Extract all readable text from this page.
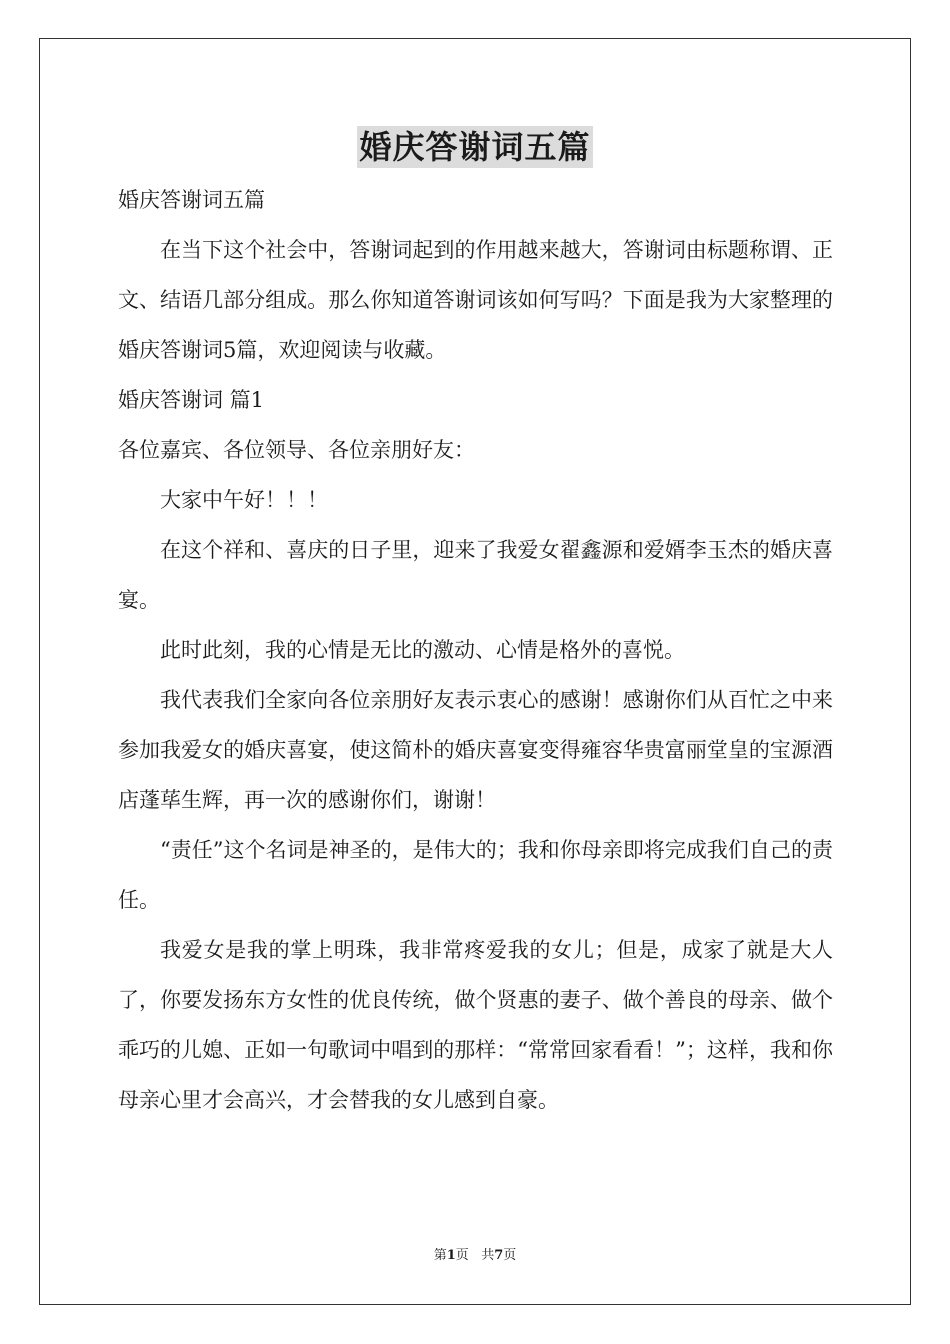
婚庆答谢词五篇

婚庆答谢词五篇

在当下这个社会中，答谢词起到的作用越来越大，答谢词由标题称谓、正文、结语几部分组成。那么你知道答谢词该如何写吗？下面是我为大家整理的婚庆答谢词5篇，欢迎阅读与收藏。

婚庆答谢词 篇1

各位嘉宾、各位领导、各位亲朋好友：

大家中午好！！！

在这个祥和、喜庆的日子里，迎来了我爱女翟鑫源和爱婿李玉杰的婚庆喜宴。

此时此刻，我的心情是无比的激动、心情是格外的喜悦。

我代表我们全家向各位亲朋好友表示衷心的感谢！感谢你们从百忙之中来参加我爱女的婚庆喜宴，使这简朴的婚庆喜宴变得雍容华贵富丽堂皇的宝源酒店蓬荜生辉，再一次的感谢你们，谢谢！

“责任”这个名词是神圣的，是伟大的；我和你母亲即将完成我们自己的责任。

我爱女是我的掌上明珠，我非常疼爱我的女儿；但是，成家了就是大人了，你要发扬东方女性的优良传统，做个贤惠的妻子、做个善良的母亲、做个乖巧的儿媳、正如一句歌词中唱到的那样：“常常回家看看！”；这样，我和你母亲心里才会高兴，才会替我的女儿感到自豪。

第1页 共7页
